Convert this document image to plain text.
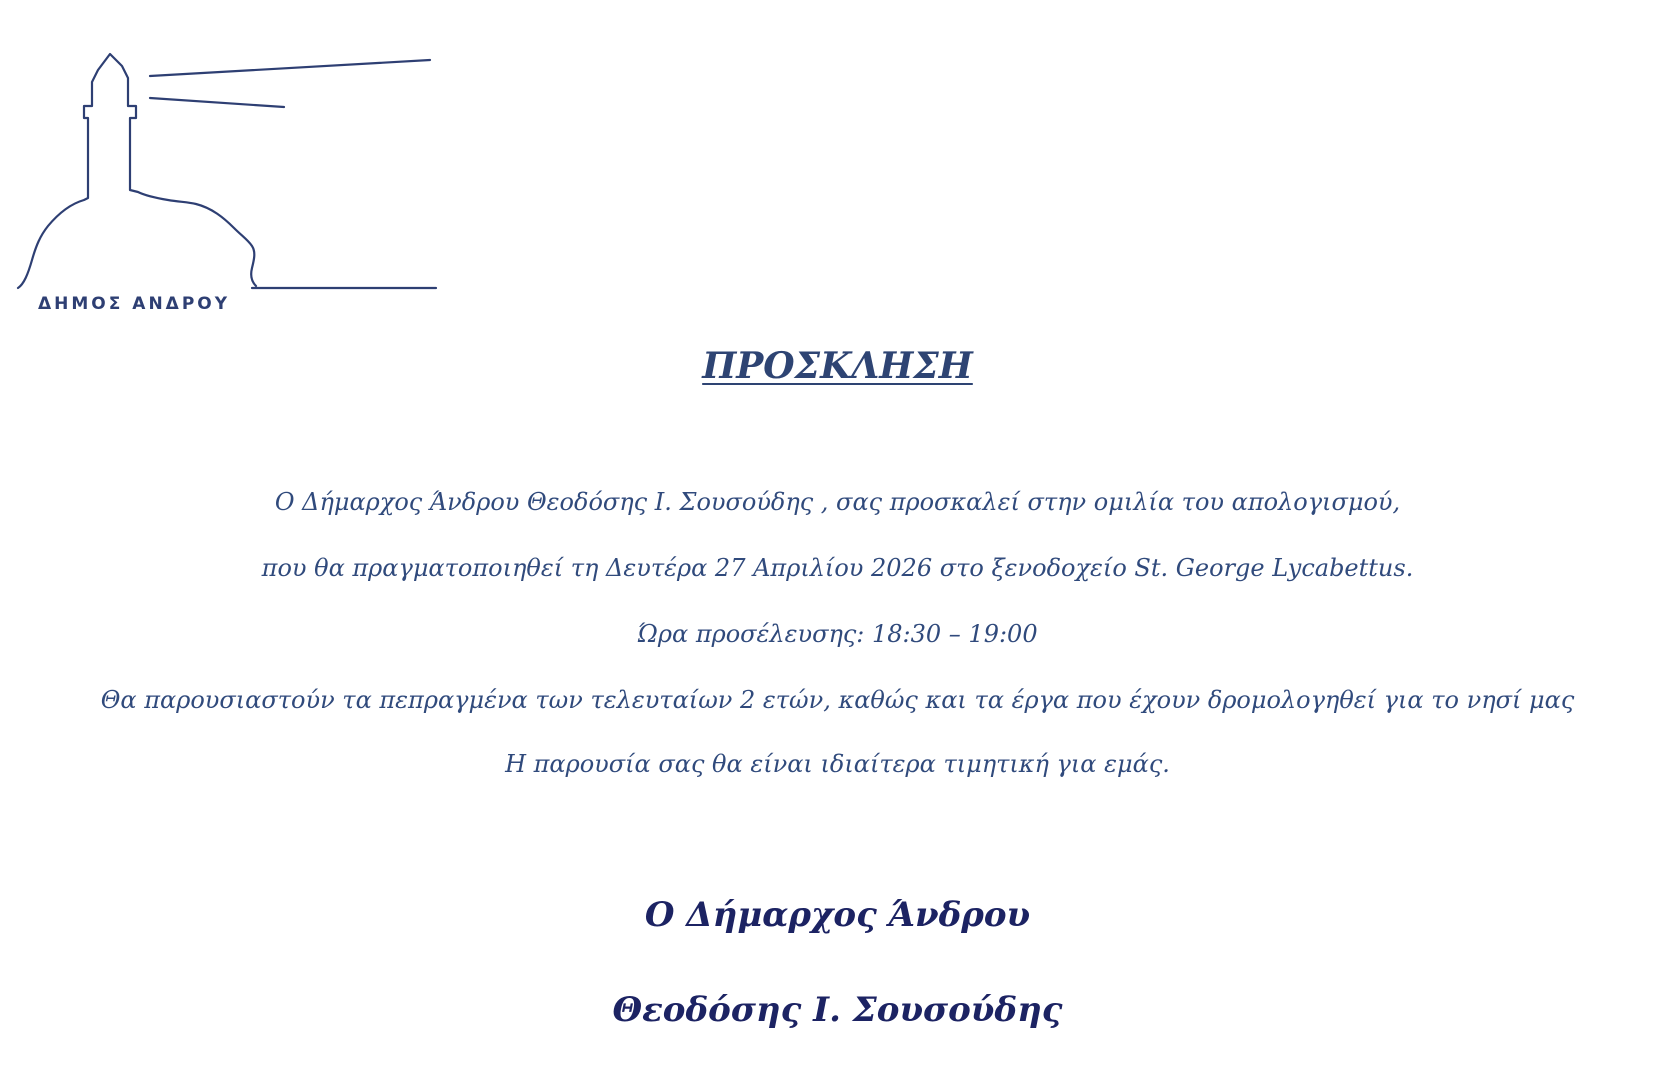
ΔΗΜΟΣ ΑΝΔΡΟΥ
ΠΡΟΣΚΛΗΣΗ
Ο Δήμαρχος Άνδρου Θεοδόσης Ι. Σουσούδης , σας προσκαλεί στην ομιλία του απολογισμού,
που θα πραγματοποιηθεί τη Δευτέρα 27 Απριλίου 2026 στο ξενοδοχείο St. George Lycabettus.
Ώρα προσέλευσης: 18:30 – 19:00
Θα παρουσιαστούν τα πεπραγμένα των τελευταίων 2 ετών, καθώς και τα έργα που έχουν δρομολογηθεί για το νησί μας
Η παρουσία σας θα είναι ιδιαίτερα τιμητική για εμάς.
Ο Δήμαρχος Άνδρου
Θεοδόσης Ι. Σουσούδης
